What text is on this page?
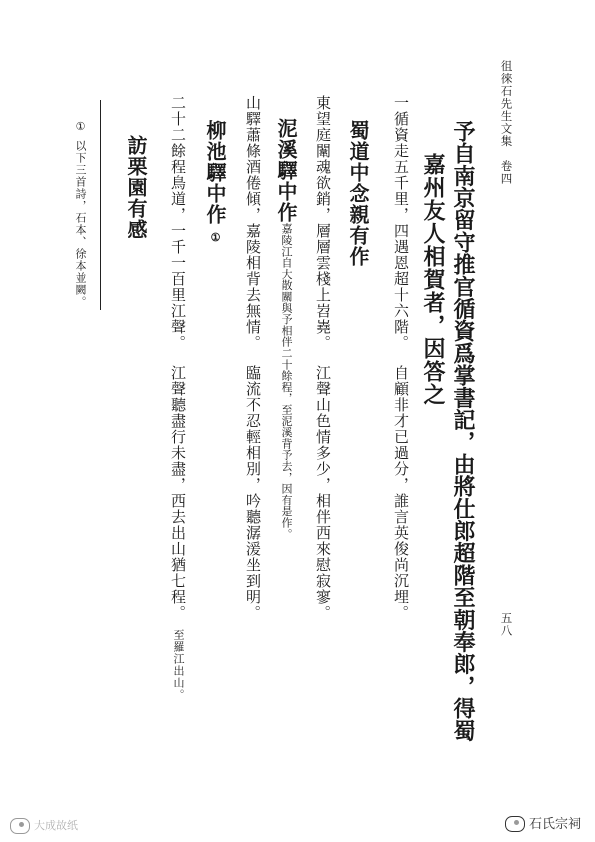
徂徠石先生文集　卷四
五八
予自南京留守推官循資爲掌書記，由將仕郎超階至朝奉郎，得蜀
嘉州友人相賀者，因答之
一循資走五千里，四遇恩超十六階。自顧非才已過分，誰言英俊尚沉埋。
蜀道中念親有作
東望庭闈魂欲銷，層層雲棧上岧嶤。江聲山色情多少，相伴西來慰寂寥。
泥溪驛中作嘉陵江自大散關與予相伴二十餘程，至泥溪背予去，因有是作。
山驛蕭條酒倦傾，嘉陵相背去無情。臨流不忍輕相別，吟聽潺湲坐到明。
柳池驛中作①
二十二餘程鳥道，一千一百里江聲。江聲聽盡行未盡，西去出山猶七程。至羅江出山。
訪栗園有感
①以下三首詩，石本、徐本並闕。
大成故纸	石氏宗祠
